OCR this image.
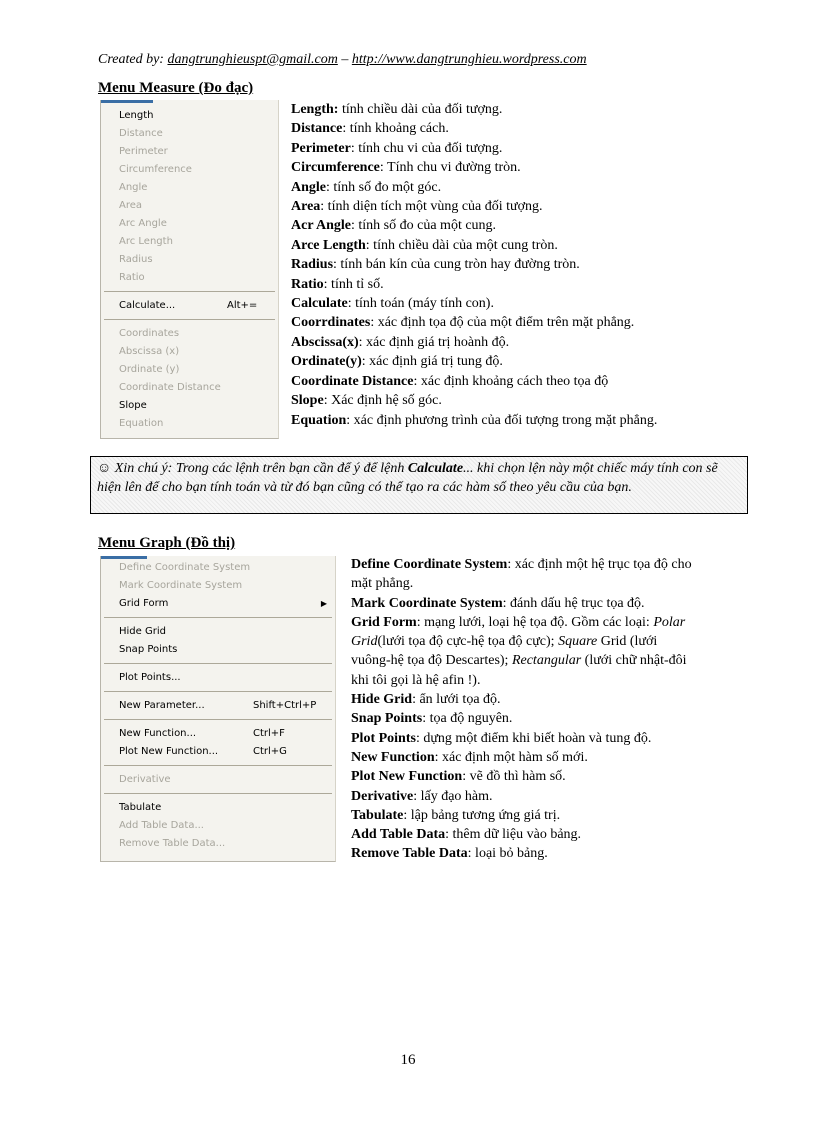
Created by: dangtrunghieuspt@gmail.com – http://www.dangtrunghieu.wordpress.com
Menu Measure (Đo đạc)
Length
Distance
Perimeter
Circumference
Angle
Area
Arc Angle
Arc Length
Radius
Ratio
Calculate...	Alt+=
Coordinates
Abscissa (x)
Ordinate (y)
Coordinate Distance
Slope
Equation
Length: tính chiều dài của đối tượng.
Distance: tính khoảng cách.
Perimeter: tính chu vi của đối tượng.
Circumference: Tính chu vi đường tròn.
Angle: tính số đo một góc.
Area: tính diện tích một vùng của đối tượng.
Acr Angle: tính số đo của một cung.
Arce Length: tính chiều dài của một cung tròn.
Radius: tính bán kín của cung tròn hay đường tròn.
Ratio: tính tỉ số.
Calculate: tính toán (máy tính con).
Coorrdinates: xác định tọa độ của một điểm trên mặt phẳng.
Abscissa(x): xác định giá trị hoành độ.
Ordinate(y): xác định giá trị tung độ.
Coordinate Distance: xác định khoảng cách theo tọa độ
Slope: Xác định hệ số góc.
Equation: xác định phương trình của đối tượng trong mặt phẳng.
☺ Xin chú ý: Trong các lệnh trên bạn cần để ý để lệnh Calculate... khi chọn lện này một chiếc máy tính con sẽ hiện lên để cho bạn tính toán và từ đó bạn cũng có thể tạo ra các hàm số theo yêu cầu của bạn.
Menu Graph (Đồ thị)
Define Coordinate System
Mark Coordinate System
Grid Form	▶
Hide Grid
Snap Points
Plot Points...
New Parameter...	Shift+Ctrl+P
New Function...	Ctrl+F
Plot New Function...	Ctrl+G
Derivative
Tabulate
Add Table Data...
Remove Table Data...
Define Coordinate System: xác định một hệ trục tọa độ cho
mặt phẳng.
Mark Coordinate System: đánh dấu hệ trục tọa độ.
Grid Form: mạng lưới, loại hệ tọa độ. Gồm các loại: Polar
Grid(lưới tọa độ cực-hệ tọa độ cực); Square Grid (lưới
vuông-hệ tọa độ Descartes); Rectangular (lưới chữ nhật-đôi
khi tôi gọi là hệ afin !).
Hide Grid: ẩn lưới tọa độ.
Snap Points: tọa độ nguyên.
Plot Points: dựng một điểm khi biết hoàn và tung độ.
New Function: xác định một hàm số mới.
Plot New Function: vẽ đồ thì hàm số.
Derivative: lấy đạo hàm.
Tabulate: lập bảng tương ứng giá trị.
Add Table Data: thêm dữ liệu vào bảng.
Remove Table Data: loại bỏ bảng.
16
